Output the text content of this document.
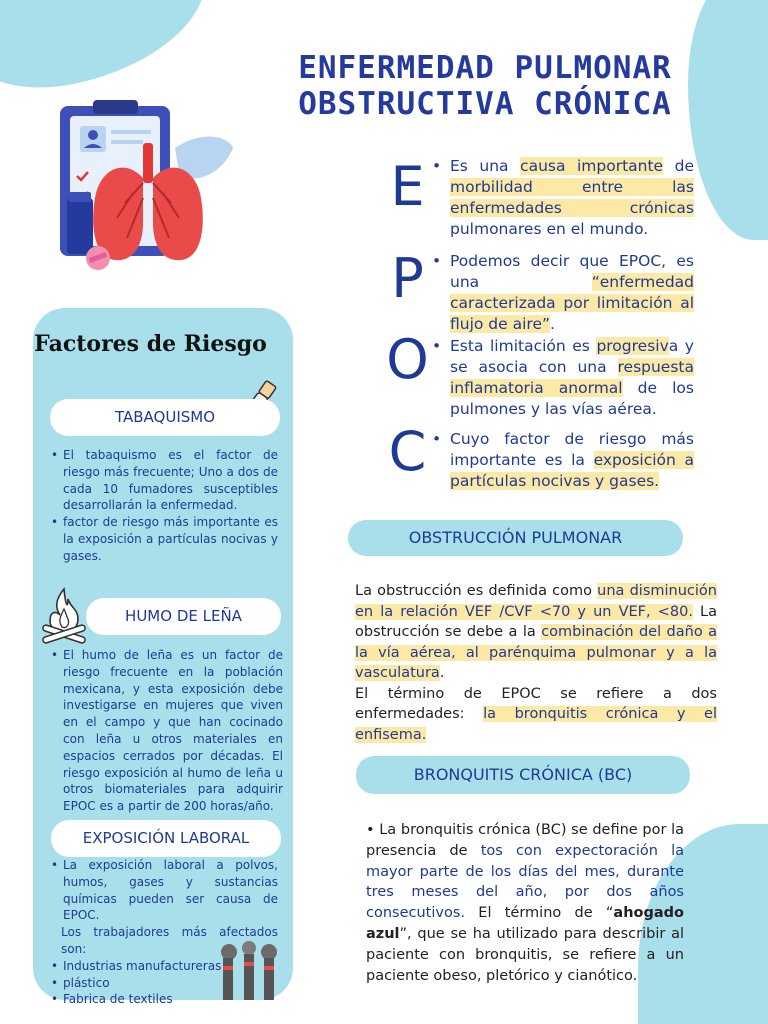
ENFERMEDAD PULMONAR
OBSTRUCTIVA CRÓNICA
E
P
O
C
• Es una causa importante de morbilidad entre las enfermedades crónicas pulmonares en el mundo.
• Podemos decir que EPOC, es una “enfermedad caracterizada por limitación al flujo de aire”.
• Esta limitación es progresiva y se asocia con una respuesta inflamatoria anormal de los pulmones y las vías aérea.
• Cuyo factor de riesgo más importante es la exposición a partículas nocivas y gases.
OBSTRUCCIÓN PULMONAR
La obstrucción es definida como una disminución en la relación VEF /CVF <70 y un VEF, <80. La obstrucción se debe a la combinación del daño a la vía aérea, al parénquima pulmonar y a la vasculatura.
El término de EPOC se refiere a dos enfermedades: la bronquitis crónica y el enfisema.
BRONQUITIS CRÓNICA (BC)
• La bronquitis crónica (BC) se define por la presencia de tos con expectoración la mayor parte de los días del mes, durante tres meses del año, por dos años consecutivos. El término de “ahogado azul”, que se ha utilizado para describir al paciente con bronquitis, se refiere a un paciente obeso, pletórico y cianótico.
Factores de Riesgo
TABAQUISMO
• El tabaquismo es el factor de riesgo más frecuente; Uno a dos de cada 10 fumadores susceptibles desarrollarán la enfermedad.
• factor de riesgo más importante es la exposición a partículas nocivas y gases.
HUMO DE LEÑA
• El humo de leña es un factor de riesgo frecuente en la población mexicana, y esta exposición debe investigarse en mujeres que viven en el campo y que han cocinado con leña u otros materiales en espacios cerrados por décadas. El riesgo exposición al humo de leña u otros biomateriales para adquirir EPOC es a partir de 200 horas/año.
EXPOSICIÓN LABORAL
• La exposición laboral a polvos, humos, gases y sustancias químicas pueden ser causa de EPOC.
Los trabajadores más afectados son:
• Industrias manufactureras
• plástico
• Fabrica de textiles
